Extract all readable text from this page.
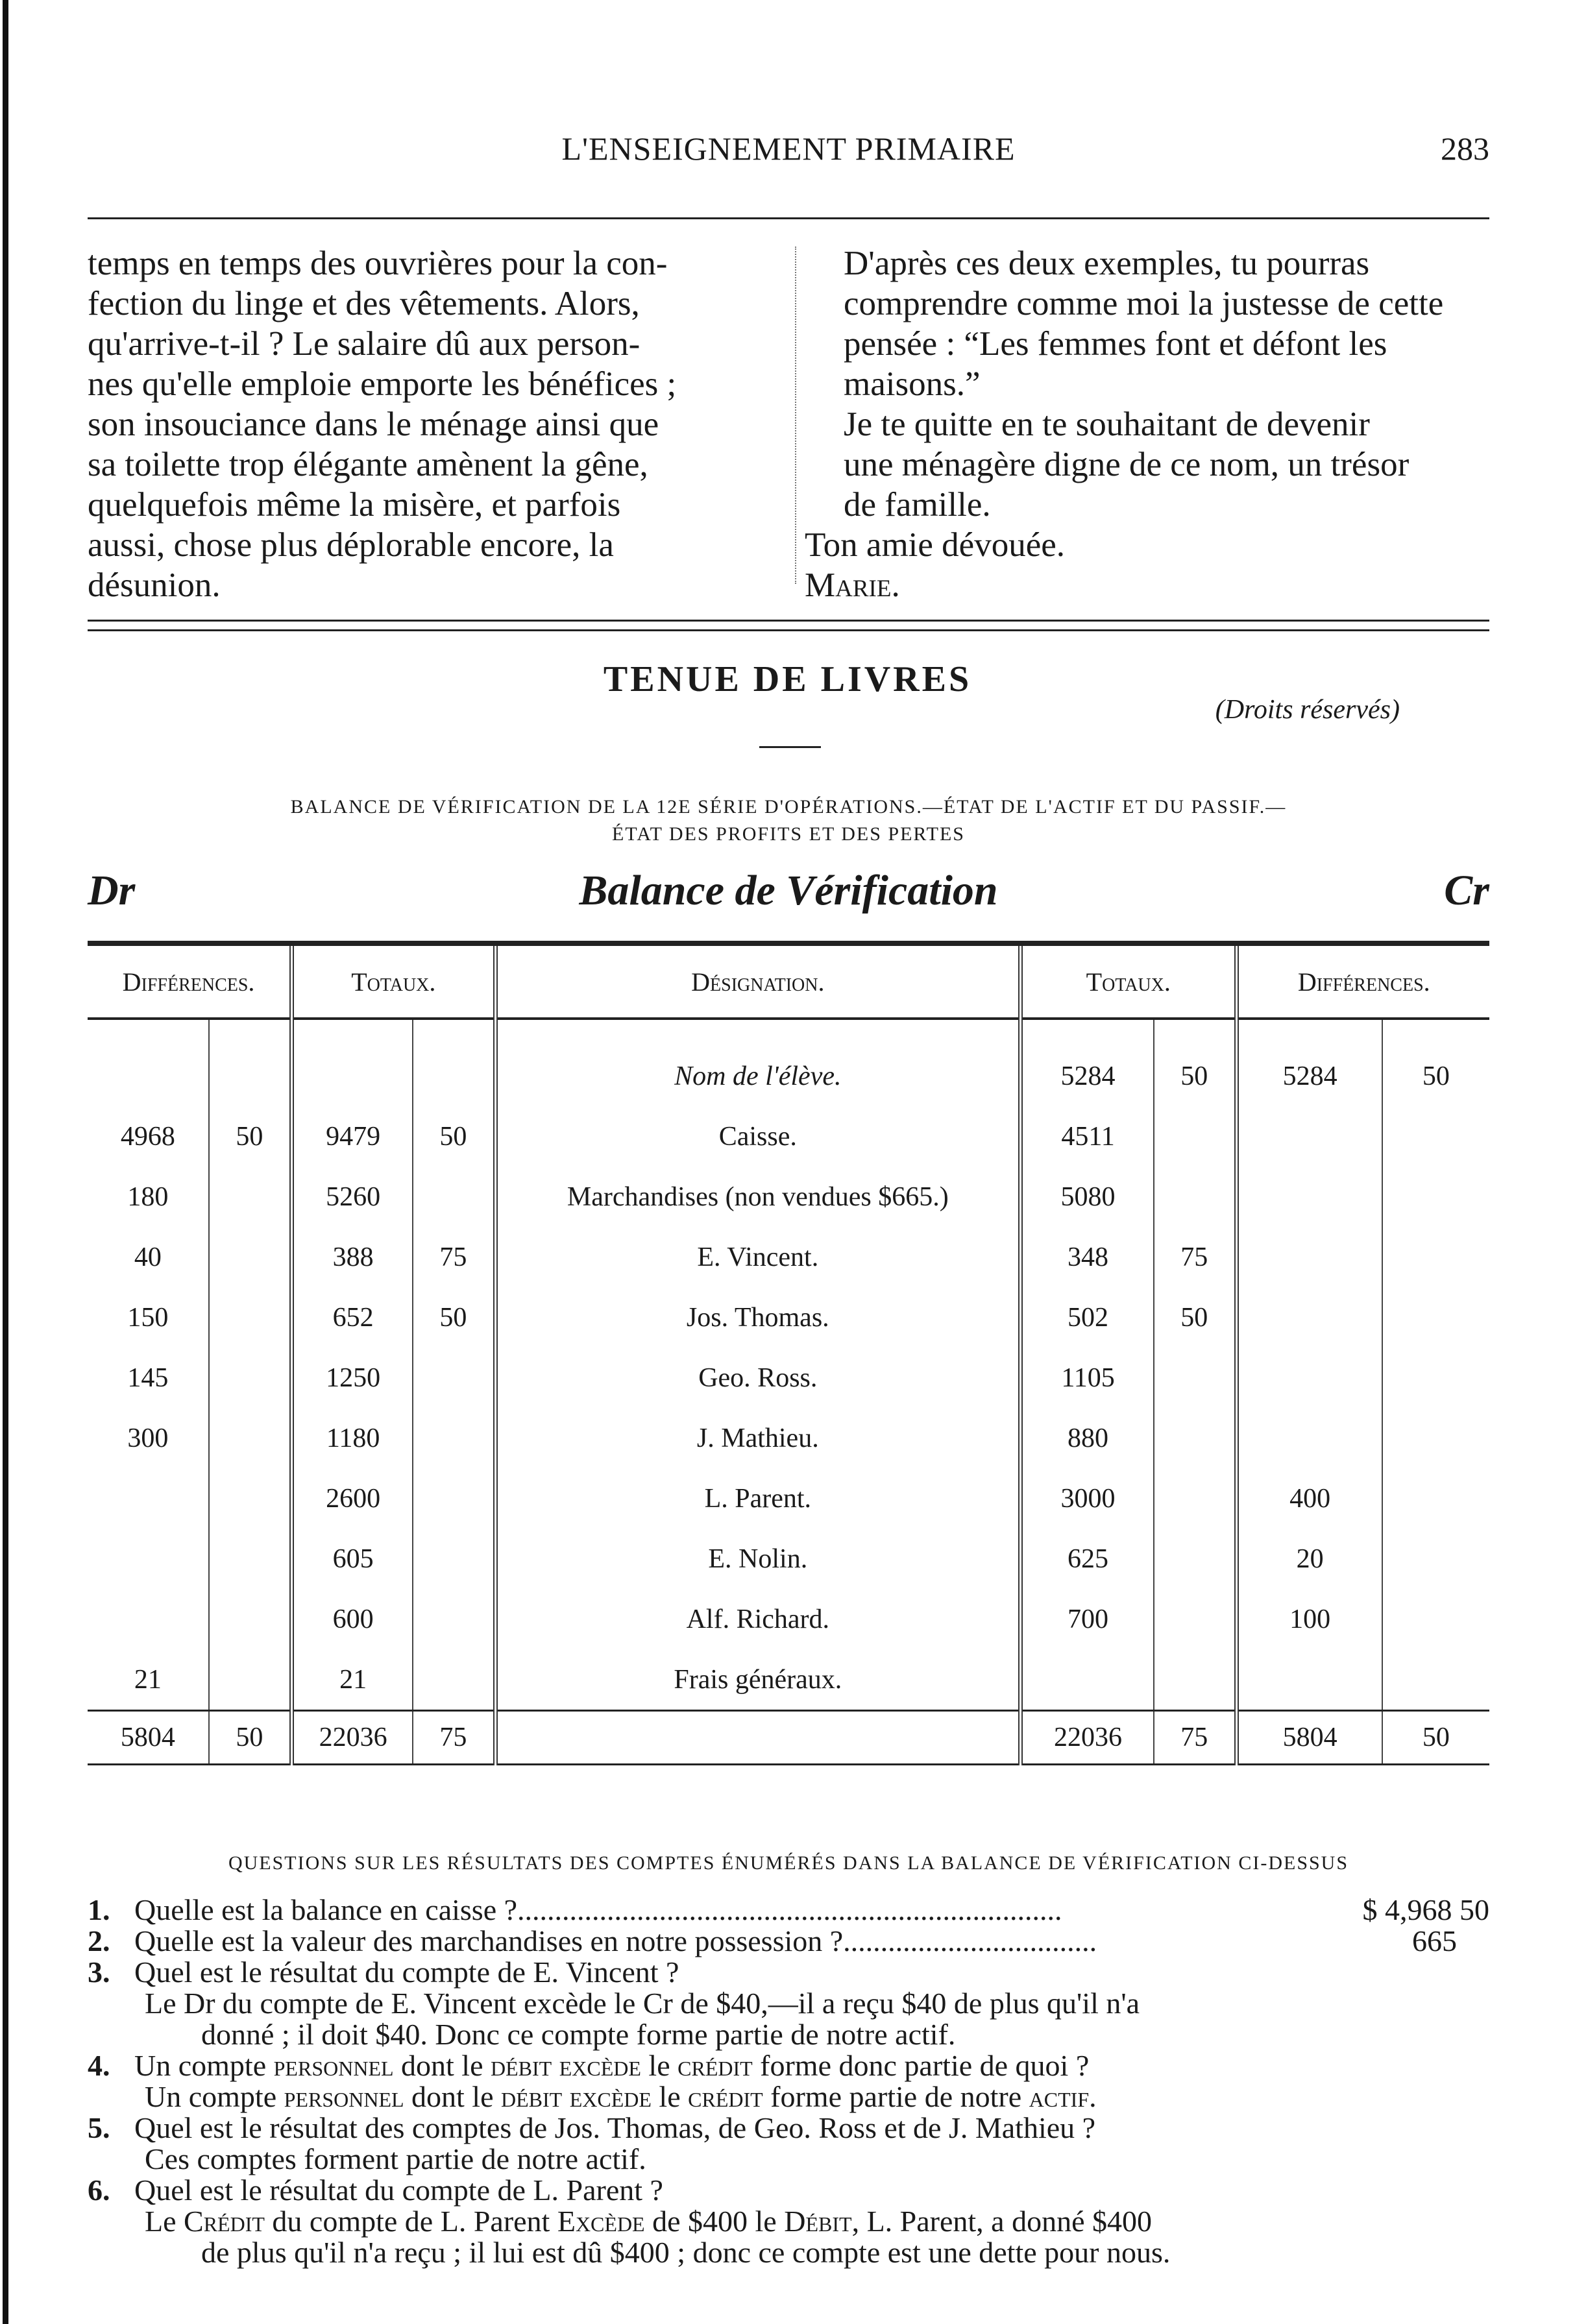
L'ENSEIGNEMENT PRIMAIRE	283

temps en temps des ouvrières pour la con-
fection du linge et des vêtements. Alors,
qu'arrive-t-il ? Le salaire dû aux person-
nes qu'elle emploie emporte les bénéfices ;
son insouciance dans le ménage ainsi que
sa toilette trop élégante amènent la gêne,
quelquefois même la misère, et parfois
aussi, chose plus déplorable encore, la
désunion.

D'après ces deux exemples, tu pourras
comprendre comme moi la justesse de cette
pensée : “Les femmes font et défont les
maisons.”

Je te quitte en te souhaitant de devenir
une ménagère digne de ce nom, un trésor
de famille.

Ton amie dévouée.

Marie.

TENUE DE LIVRES
(Droits réservés)
BALANCE DE VÉRIFICATION DE LA 12E SÉRIE D'OPÉRATIONS.—ÉTAT DE L'ACTIF ET DU PASSIF.—
ÉTAT DES PROFITS ET DES PERTES
Dr	Balance de Vérification	Cr
Différences.		Totaux.		Désignation.	Totaux.		Différences.	
				Nom de l'élève.	5284	50	5284	50
4968	50	9479	50	Caisse.	4511			
180		5260		Marchandises (non vendues $665.)	5080			
40		388	75	E. Vincent.	348	75		
150		652	50	Jos. Thomas.	502	50		
145		1250		Geo. Ross.	1105			
300		1180		J. Mathieu.	880			
		2600		L. Parent.	3000		400	
		605		E. Nolin.	625		20	
		600		Alf. Richard.	700		100	
21		21		Frais généraux.				
5804	50	22036	75		22036	75	5804	50
QUESTIONS SUR LES RÉSULTATS DES COMPTES ÉNUMÉRÉS DANS LA BALANCE DE VÉRIFICATION CI-DESSUS
1. Quelle est la balance en caisse ?.........................................................................	$ 4,968 50
2. Quelle est la valeur des marchandises en notre possession ?..................................	665
3. Quel est le résultat du compte de E. Vincent ?
Le Dr du compte de E. Vincent excède le Cr de $40,—il a reçu $40 de plus qu'il n'a
donné ; il doit $40. Donc ce compte forme partie de notre actif.
4. Un compte personnel dont le débit excède le crédit forme donc partie de quoi ?
Un compte personnel dont le débit excède le crédit forme partie de notre actif.
5. Quel est le résultat des comptes de Jos. Thomas, de Geo. Ross et de J. Mathieu ?
Ces comptes forment partie de notre actif.
6. Quel est le résultat du compte de L. Parent ?
Le Crédit du compte de L. Parent Excède de $400 le Débit, L. Parent, a donné $400
de plus qu'il n'a reçu ; il lui est dû $400 ; donc ce compte est une dette pour nous.
